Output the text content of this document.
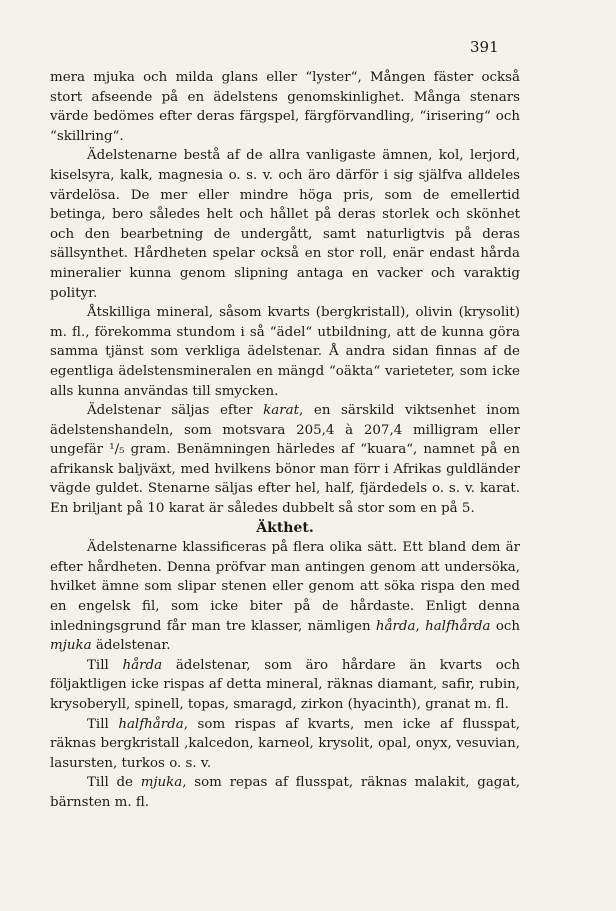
391

mera mjuka och milda glans eller “lyster“, Mången fäster också stort afseende på en ädelstens genomskinlighet. Många stenars värde bedömes efter deras färgspel, färgförvandling, “irisering“ och “skillring“.

Ädelstenarne bestå af de allra vanligaste ämnen, kol, lerjord, kiselsyra, kalk, magnesia o. s. v. och äro därför i sig själfva alldeles värdelösa. De mer eller mindre höga pris, som de emellertid betinga, bero således helt och hållet på deras storlek och skönhet och den bearbetning de undergått, samt naturligtvis på deras sällsynthet. Hårdheten spelar också en stor roll, enär endast hårda mineralier kunna genom slipning antaga en vacker och varaktig polityr.

Åtskilliga mineral, såsom kvarts (bergkristall), olivin (krysolit) m. fl., förekomma stundom i så “ädel“ utbildning, att de kunna göra samma tjänst som verkliga ädelstenar. Å andra sidan finnas af de egentliga ädelstensmineralen en mängd “oäkta“ varieteter, som icke alls kunna användas till smycken.

Ädelstenar säljas efter karat, en särskild viktsenhet inom ädelstenshandeln, som motsvara 205,4 à 207,4 milligram eller ungefär ¹/₅ gram. Benämningen härledes af “kuara“, namnet på en afrikansk baljväxt, med hvilkens bönor man förr i Afrikas guldländer vägde guldet. Stenarne säljas efter hel, half, fjärdedels o. s. v. karat. En briljant på 10 karat är således dubbelt så stor som en på 5.

Äkthet.

Ädelstenarne klassificeras på flera olika sätt. Ett bland dem är efter hårdheten. Denna pröfvar man antingen genom att undersöka, hvilket ämne som slipar stenen eller genom att söka rispa den med en engelsk fil, som icke biter på de hårdaste. Enligt denna inledningsgrund får man tre klasser, nämligen hårda, halfhårda och mjuka ädelstenar.

Till hårda ädelstenar, som äro hårdare än kvarts och följaktligen icke rispas af detta mineral, räknas diamant, safir, rubin, krysoberyll, spinell, topas, smaragd, zirkon (hyacinth), granat m. fl.

Till halfhårda, som rispas af kvarts, men icke af flusspat, räknas bergkristall ,kalcedon, karneol, krysolit, opal, onyx, vesuvian, lasursten, turkos o. s. v.

Till de mjuka, som repas af flusspat, räknas malakit, gagat, bärnsten m. fl.
